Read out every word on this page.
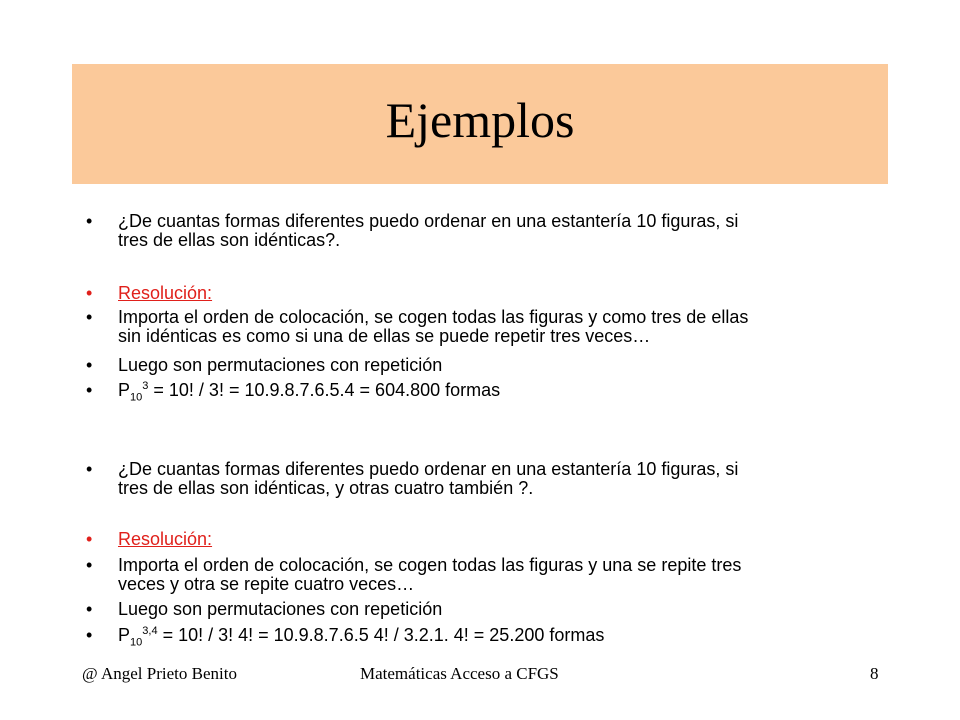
Ejemplos
• ¿De cuantas formas diferentes puedo ordenar en una estantería 10 figuras, si
tres de ellas son idénticas?.
• Resolución:
• Importa el orden de colocación, se cogen todas las figuras y como tres de ellas
sin idénticas es como si una de ellas se puede repetir tres veces…
• Luego son permutaciones con repetición
• $P_{10}^3 = 10$! / 3! = 10.9.8.7.6.5.4 = 604.800 formas
• ¿De cuantas formas diferentes puedo ordenar en una estantería 10 figuras, si
tres de ellas son idénticas, y otras cuatro también ?.
• Resolución:
• Importa el orden de colocación, se cogen todas las figuras y una se repite tres
veces y otra se repite cuatro veces…
• Luego son permutaciones con repetición
• $P_{10}^{3,4} = 10$! / 3! 4! = 10.9.8.7.6.5 4! / 3.2.1. 4! = 25.200 formas
@ Angel Prieto Benito	Matemáticas Acceso a CFGS	8
